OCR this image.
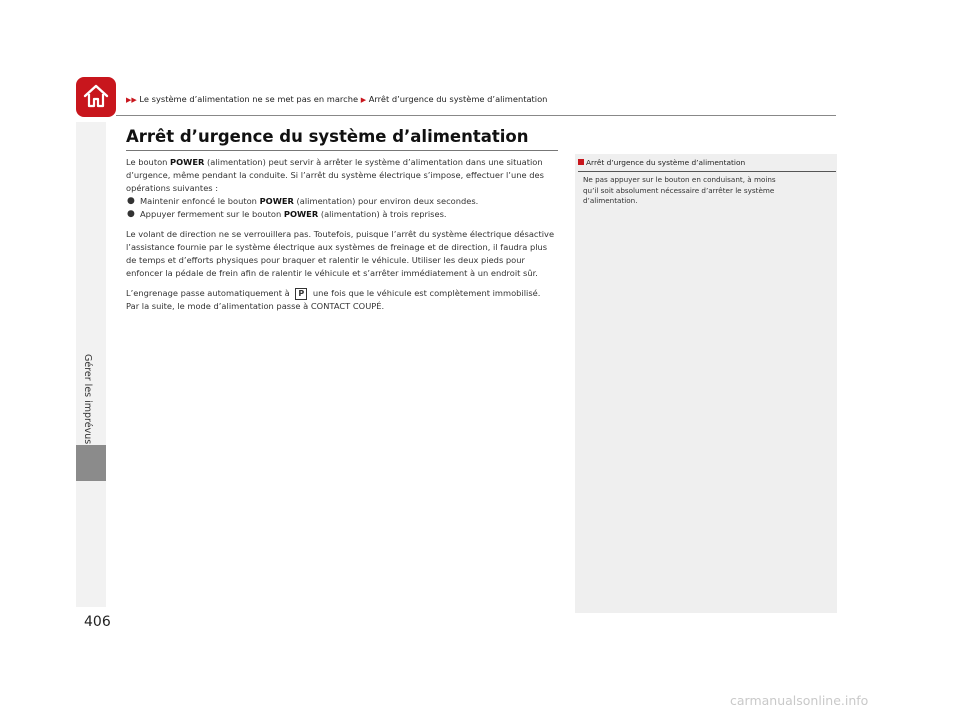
Gérer les imprévus
▶▶ Le système d’alimentation ne se met pas en marche ▶ Arrêt d’urgence du système d’alimentation
Arrêt d’urgence du système d’alimentation

Le bouton POWER (alimentation) peut servir à arrêter le système d’alimentation dans une situation d’urgence, même pendant la conduite. Si l’arrêt du système électrique s’impose, effectuer l’une des opérations suivantes :

● Maintenir enfoncé le bouton POWER (alimentation) pour environ deux secondes.
● Appuyer fermement sur le bouton POWER (alimentation) à trois reprises.

Le volant de direction ne se verrouillera pas. Toutefois, puisque l’arrêt du système électrique désactive l’assistance fournie par le système électrique aux systèmes de freinage et de direction, il faudra plus de temps et d’efforts physiques pour braquer et ralentir le véhicule. Utiliser les deux pieds pour enfoncer la pédale de frein afin de ralentir le véhicule et s’arrêter immédiatement à un endroit sûr.

L’engrenage passe automatiquement à P une fois que le véhicule est complètement immobilisé. Par la suite, le mode d’alimentation passe à CONTACT COUPÉ.

Arrêt d’urgence du système d’alimentation
Ne pas appuyer sur le bouton en conduisant, à moins qu’il soit absolument nécessaire d’arrêter le système d’alimentation.
406
carmanualsonline.info
